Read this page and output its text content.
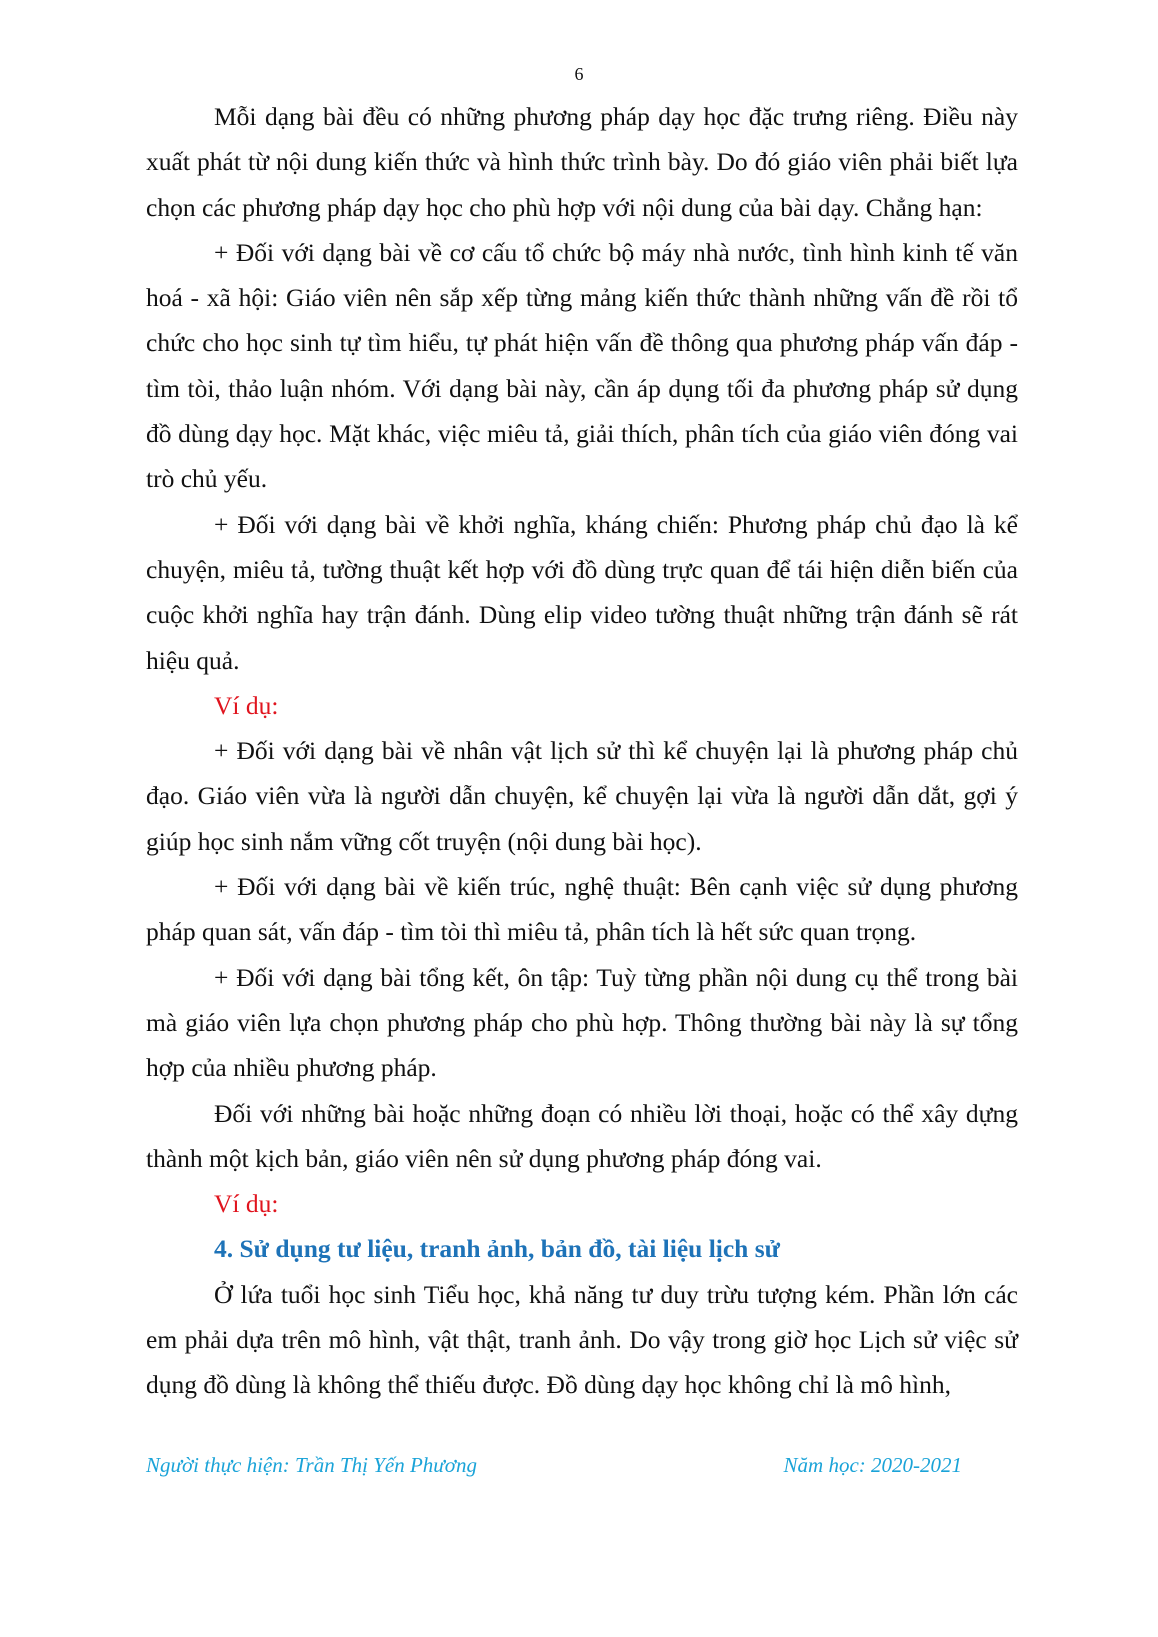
6

Mỗi dạng bài đều có những phương pháp dạy học đặc trưng riêng. Điều này xuất phát từ nội dung kiến thức và hình thức trình bày. Do đó giáo viên phải biết lựa chọn các phương pháp dạy học cho phù hợp với nội dung của bài dạy. Chẳng hạn:

+ Đối với dạng bài về cơ cấu tổ chức bộ máy nhà nước, tình hình kinh tế văn hoá - xã hội: Giáo viên nên sắp xếp từng mảng kiến thức thành những vấn đề rồi tổ chức cho học sinh tự tìm hiểu, tự phát hiện vấn đề thông qua phương pháp vấn đáp - tìm tòi, thảo luận nhóm. Với dạng bài này, cần áp dụng tối đa phương pháp sử dụng đồ dùng dạy học. Mặt khác, việc miêu tả, giải thích, phân tích của giáo viên đóng vai trò chủ yếu.

+ Đối với dạng bài về khởi nghĩa, kháng chiến: Phương pháp chủ đạo là kể chuyện, miêu tả, tường thuật kết hợp với đồ dùng trực quan để tái hiện diễn biến của cuộc khởi nghĩa hay trận đánh. Dùng elip video tường thuật những trận đánh sẽ rát hiệu quả.

Ví dụ:

+ Đối với dạng bài về nhân vật lịch sử thì kể chuyện lại là phương pháp chủ đạo. Giáo viên vừa là người dẫn chuyện, kể chuyện lại vừa là người dẫn dắt, gợi ý giúp học sinh nắm vững cốt truyện (nội dung bài học).

+ Đối với dạng bài về kiến trúc, nghệ thuật: Bên cạnh việc sử dụng phương pháp quan sát, vấn đáp - tìm tòi thì miêu tả, phân tích là hết sức quan trọng.

+ Đối với dạng bài tổng kết, ôn tập: Tuỳ từng phần nội dung cụ thể trong bài mà giáo viên lựa chọn phương pháp cho phù hợp. Thông thường bài này là sự tổng hợp của nhiều phương pháp.

Đối với những bài hoặc những đoạn có nhiều lời thoại, hoặc có thể xây dựng thành một kịch bản, giáo viên nên sử dụng phương pháp đóng vai.

Ví dụ:

4. Sử dụng tư liệu, tranh ảnh, bản đồ, tài liệu lịch sử

Ở lứa tuổi học sinh Tiểu học, khả năng tư duy trừu tượng kém. Phần lớn các em phải dựa trên mô hình, vật thật, tranh ảnh. Do vậy trong giờ học Lịch sử việc sử dụng đồ dùng là không thể thiếu được. Đồ dùng dạy học không chỉ là mô hình,

Người thực hiện: Trần Thị Yến Phương	Năm học: 2020-2021
